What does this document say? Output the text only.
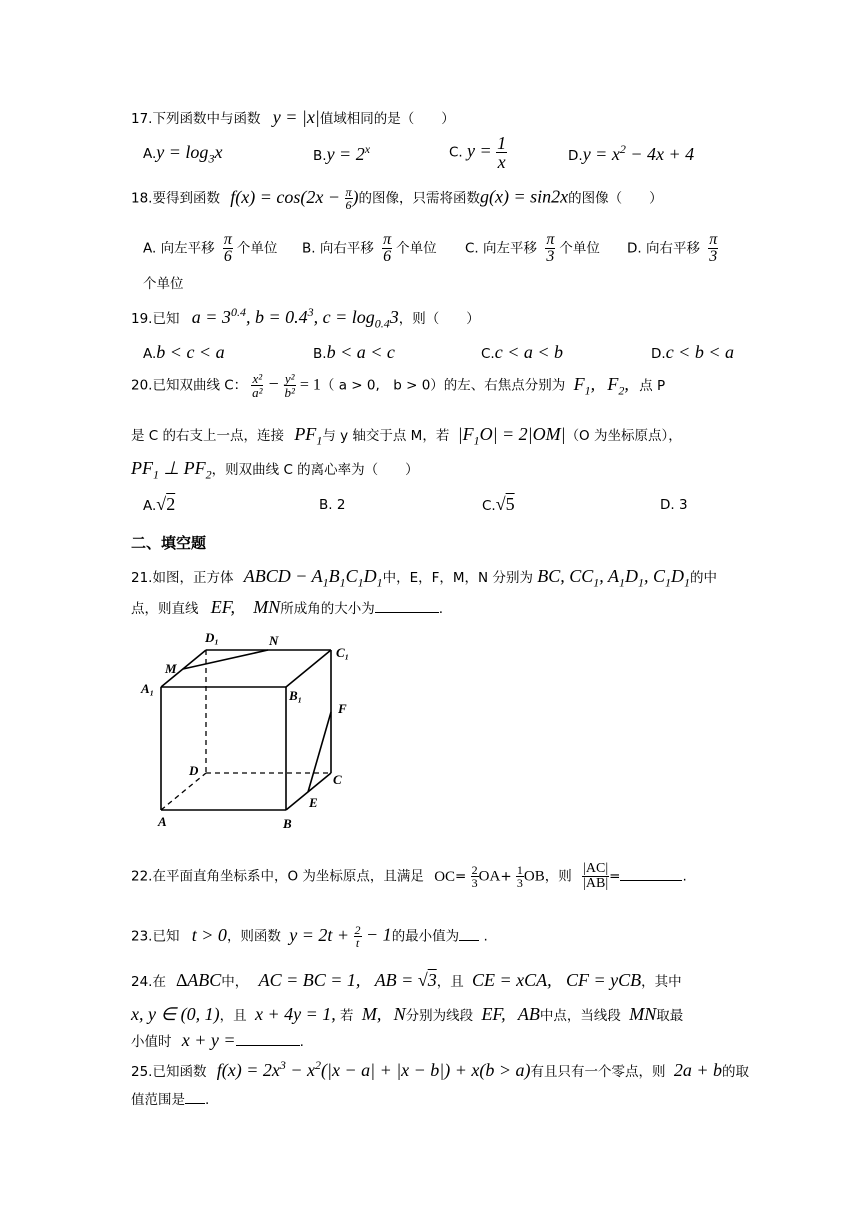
17.下列函数中与函数 y = |x|值域相同的是（　　）
$A.y = \log_3x$	$B.y = 2^x$	C. $y = \frac{1}{x}$	$D.y = x^2 - 4x + 4$
18.要得到函数 $f(x) = \cos(2x - \frac{\pi}{6}$ )的图像，只需将函数g(x) = sin2x的图像（　　）
A. 向左平移 $\frac{\pi}{6}$ 个单位 B. 向右平移 $\frac{\pi}{6}$ 个单位 C. 向左平移 $\frac{\pi}{3}$ 个单位 D. 向右平移 $\frac{\pi}{3}$
个单位
19.已知 $a = 3^{0.4}$, $b = 0.4^3$, $c = \log_{0.4}3$，则（　　）
A.b < c < a	B.b < a < c	C.c < a < b	D.c < b < a
20.已知双曲线 C： $\frac{\text{x²}}{\text{a²}} - \frac{\text{y²}}{\text{b²}} = 1$（ a > 0,　b > 0）的左、右焦点分别为 $F_1$, $F_2$, 点 P
是 C 的右支上一点，连接 $PF_1$与 y 轴交于点 M，若 $|F_1O| = 2|OM|(O$ 为坐标原点），
$PF_1$ ⊥ $PF_2$，则双曲线 C 的离心率为（　　）
A.√2	B. 2	C.√5	D. 3
二、填空题
21.如图，正方体 ABCD − $A_1B_1C_1D_1$中，E，F，M，N 分别为 BC, $CC_1$, $A_1D_1$, $C_1D_1$的中
点，则直线 EF, MN所成角的大小为	.
D₁	N
C₁
M
A₁	B₁
F
D
C
E
A	B
22.在平面直角坐标系中，O 为坐标原点，且满足 $OC= \frac{2}{3} OA+ \frac{1}{3}$ OB，则 $\frac{|AC|}{|AB|}$ =	.
23.已知 t > 0，则函数 $y = 2t + \frac{2}{t} - 1$的最小值为 .
24.在 ∆ABC中， AC = BC = 1, AB = √3，且 CE = xCA, CF = yCB，其中
x, y ∈ (0, 1)，且 x + 4y = 1, 若 M, N分别为线段 EF, AB中点，当线段 MN取最
小值时 x + y =	.
25.已知函数 $f(x) = 2x^3 - x^2(|x - a| + |x - b|) + x(b > a)$有且只有一个零点，则 2a + b的取
值范围是 .
